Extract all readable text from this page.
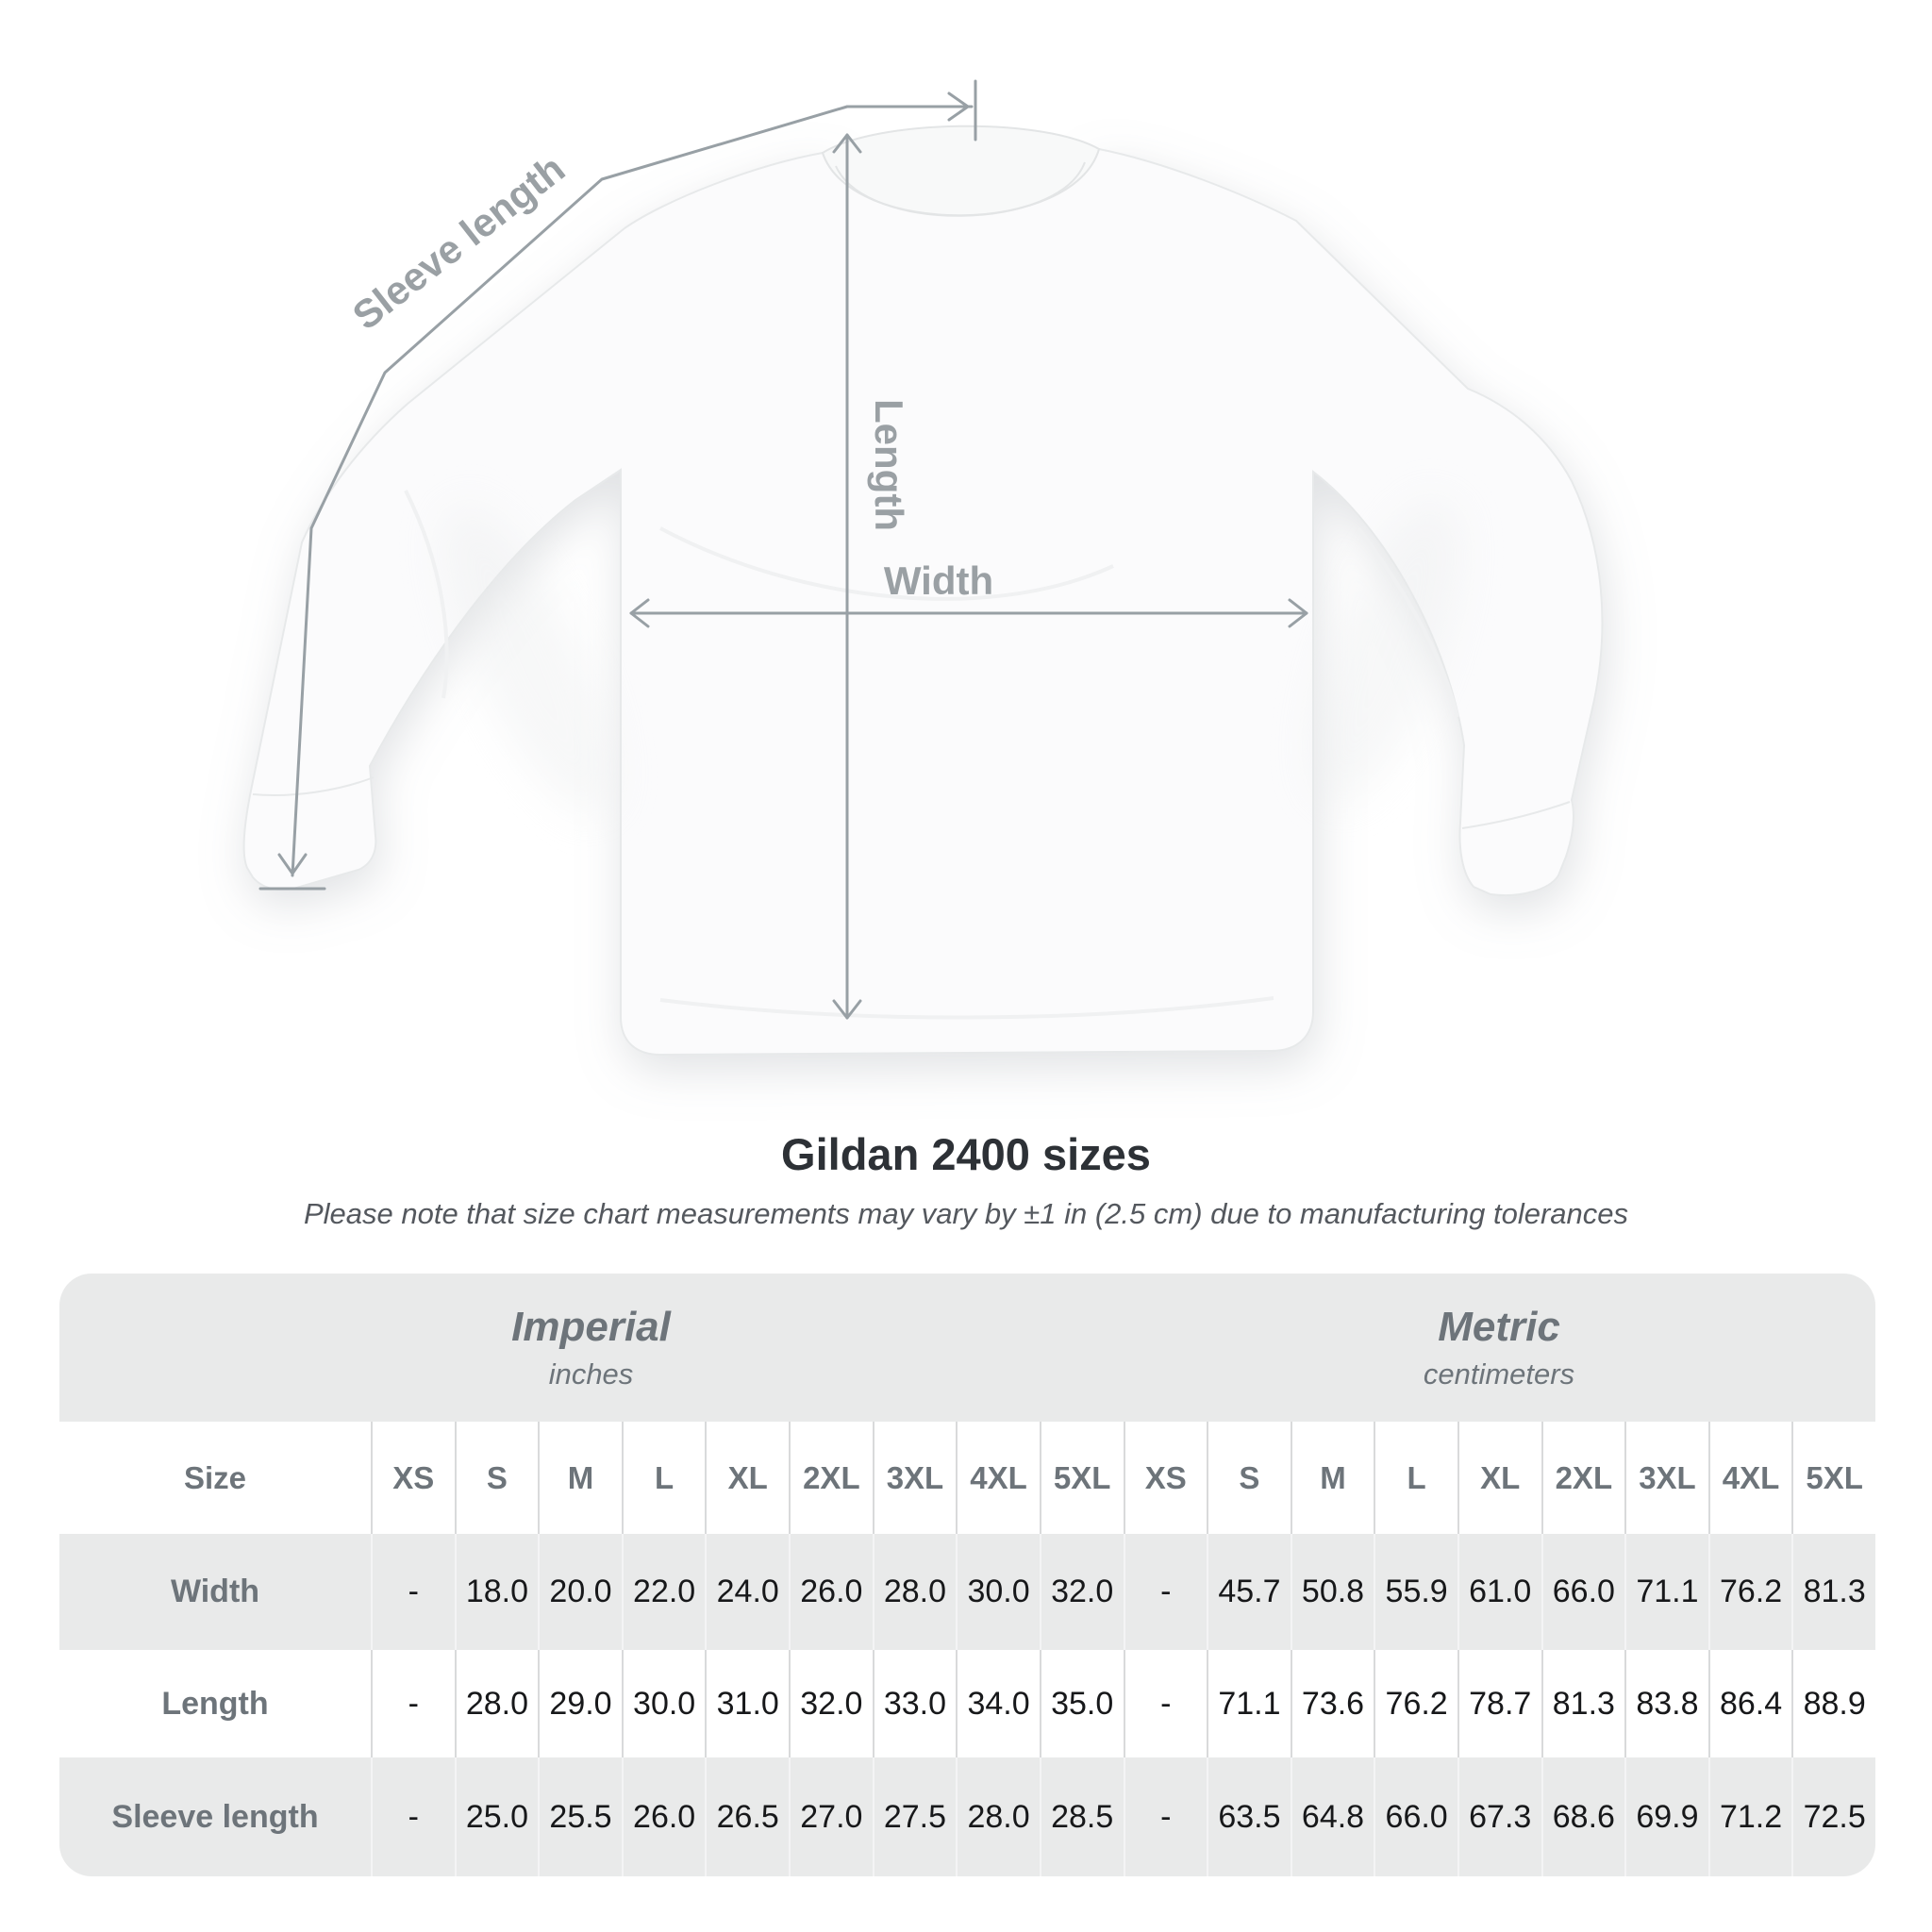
Sleeve length
Length
Width
Gildan 2400 sizes

Please note that size chart measurements may vary by ±1 in (2.5 cm) due to manufacturing tolerances

Imperial
inches
Metric
centimeters
Size	XS	S	M	L	XL	2XL 3XL 4XL 5XL	XS	S	M	L	XL	2XL 3XL 4XL 5XL
Width	-	18.0 20.0 22.0 24.0 26.0 28.0 30.0 32.0	-	45.7 50.8 55.9 61.0 66.0 71.1 76.2 81.3
Length	-	28.0 29.0 30.0 31.0 32.0 33.0 34.0 35.0	-	71.1 73.6 76.2 78.7 81.3 83.8 86.4 88.9
Sleeve length	-	25.0 25.5 26.0 26.5 27.0 27.5 28.0 28.5	-	63.5 64.8 66.0 67.3 68.6 69.9 71.2 72.5
